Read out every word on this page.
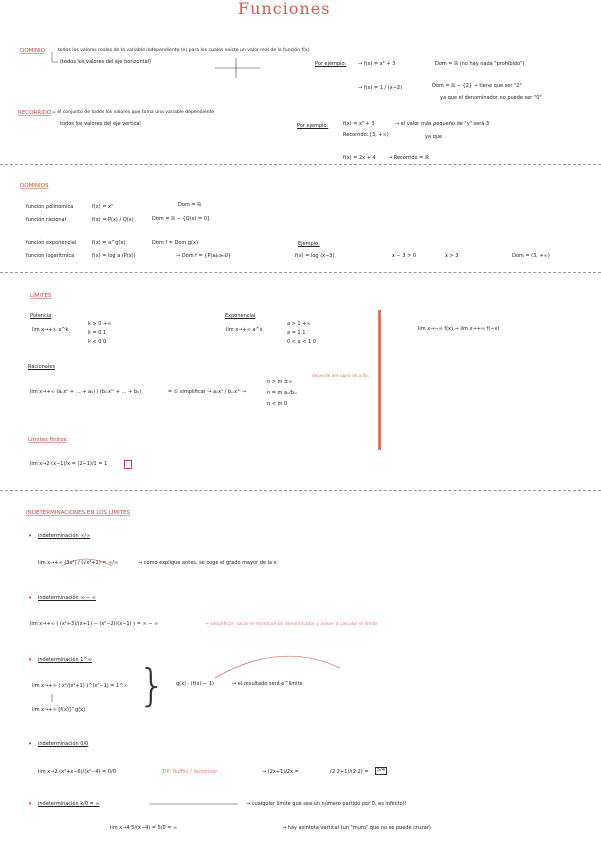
Funciones
DOMINIO	todos los valores reales de la variable independiente (x) para los cuales existe un valor real de la función f(x)
(todos los valores del eje horizontal)	Por ejemplo: → f(x) = x² + 3	Dom = ℝ (no hay nada "prohibido")
→ f(x) = 1 / (x−2)	Dom = ℝ − {2} → tiene que ser "2"
ya que el denominador no puede ser "0"
RECORRIDO = el conjunto de todos los valores que toma una variable dependiente
todos los valores del eje vertical	Por ejemplo:	f(x) = x² + 3	→ el valor más pequeño de "y" será 3
Recorrido: [3, +∞)	ya que
f(x) = 2x + 4 → Recorrido = ℝ
DOMINIOS
función polinómica	f(x) = x²	Dom = ℝ
función racional	f(x) = P(x) / Q(x)	Dom = ℝ − {Q(x) = 0}
función exponencial	f(x) = a^g(x)	Dom f = Dom g(x)
función logarítmica	f(x) = log a (P(x))	→ Dom f = {P(x) > 0}
Ejemplo:
f(x) = log (x−3)	x − 3 > 0	x > 3	Dom = (3, +∞)
LÍMITES
Potencia
lim x→+∞ x^k
k > 0 +∞
k = 0 1
k < 0 0
Exponencial
lim x→+∞ a^x
a > 1 +∞
a = 1 1
0 < a < 1 0
lim x→−∞ f(x) → lim x→+∞ f(−x)
Racionales
lim x→+∞ (aₙxⁿ + … + a₀) / (bₘxᵐ + … + b₀)	= ① simplificar → aₙxⁿ / bₘxᵐ →
n > m ±∞
n = m aₙ/bₘ
n < m 0
depende del signo de aₙ/bₘ
Límites finitos
lim x→2 (x−1)/x = (2−1)/1 = 1
INDETERMINACIONES EN LOS LÍMITES
• indeterminación ∞/∞
lim x→+∞ (3x²) / (√x²+1) = ∞/∞	→ como explique antes, se coge el grado mayor de la x
• indeterminación ∞ − ∞
lim x→+∞ ( (x²+3)/(x+1) − (x²−2)/(x−1) ) = ∞ − ∞	→ simplificar, sacar el mcm/común denominador y volver a calcular el límite
• indeterminación 1^∞
lim x→+∞ ( x²/(x²+1) )^(x²−1) = 1^∞
lim x→+∞ [f(x)]^g(x) } g(x) · (f(x) − 1)	→ el resultado será e^limite
• indeterminación 0/0
lim x→2 (x²+x−6)/(x²−4) = 0/0	TIP: Ruffini / factorizar	→ (2x+1)/2x =	(2·2+1)/(2·2) =	5/4
• indeterminación k/0 = ∞	→ cualquier límite que sea un número partido por 0, es infinito!!
lim x→4 5/(x−4) = 5/0 = ∞	→ hay asíntota vertical (un "muro" que no se puede cruzar)
